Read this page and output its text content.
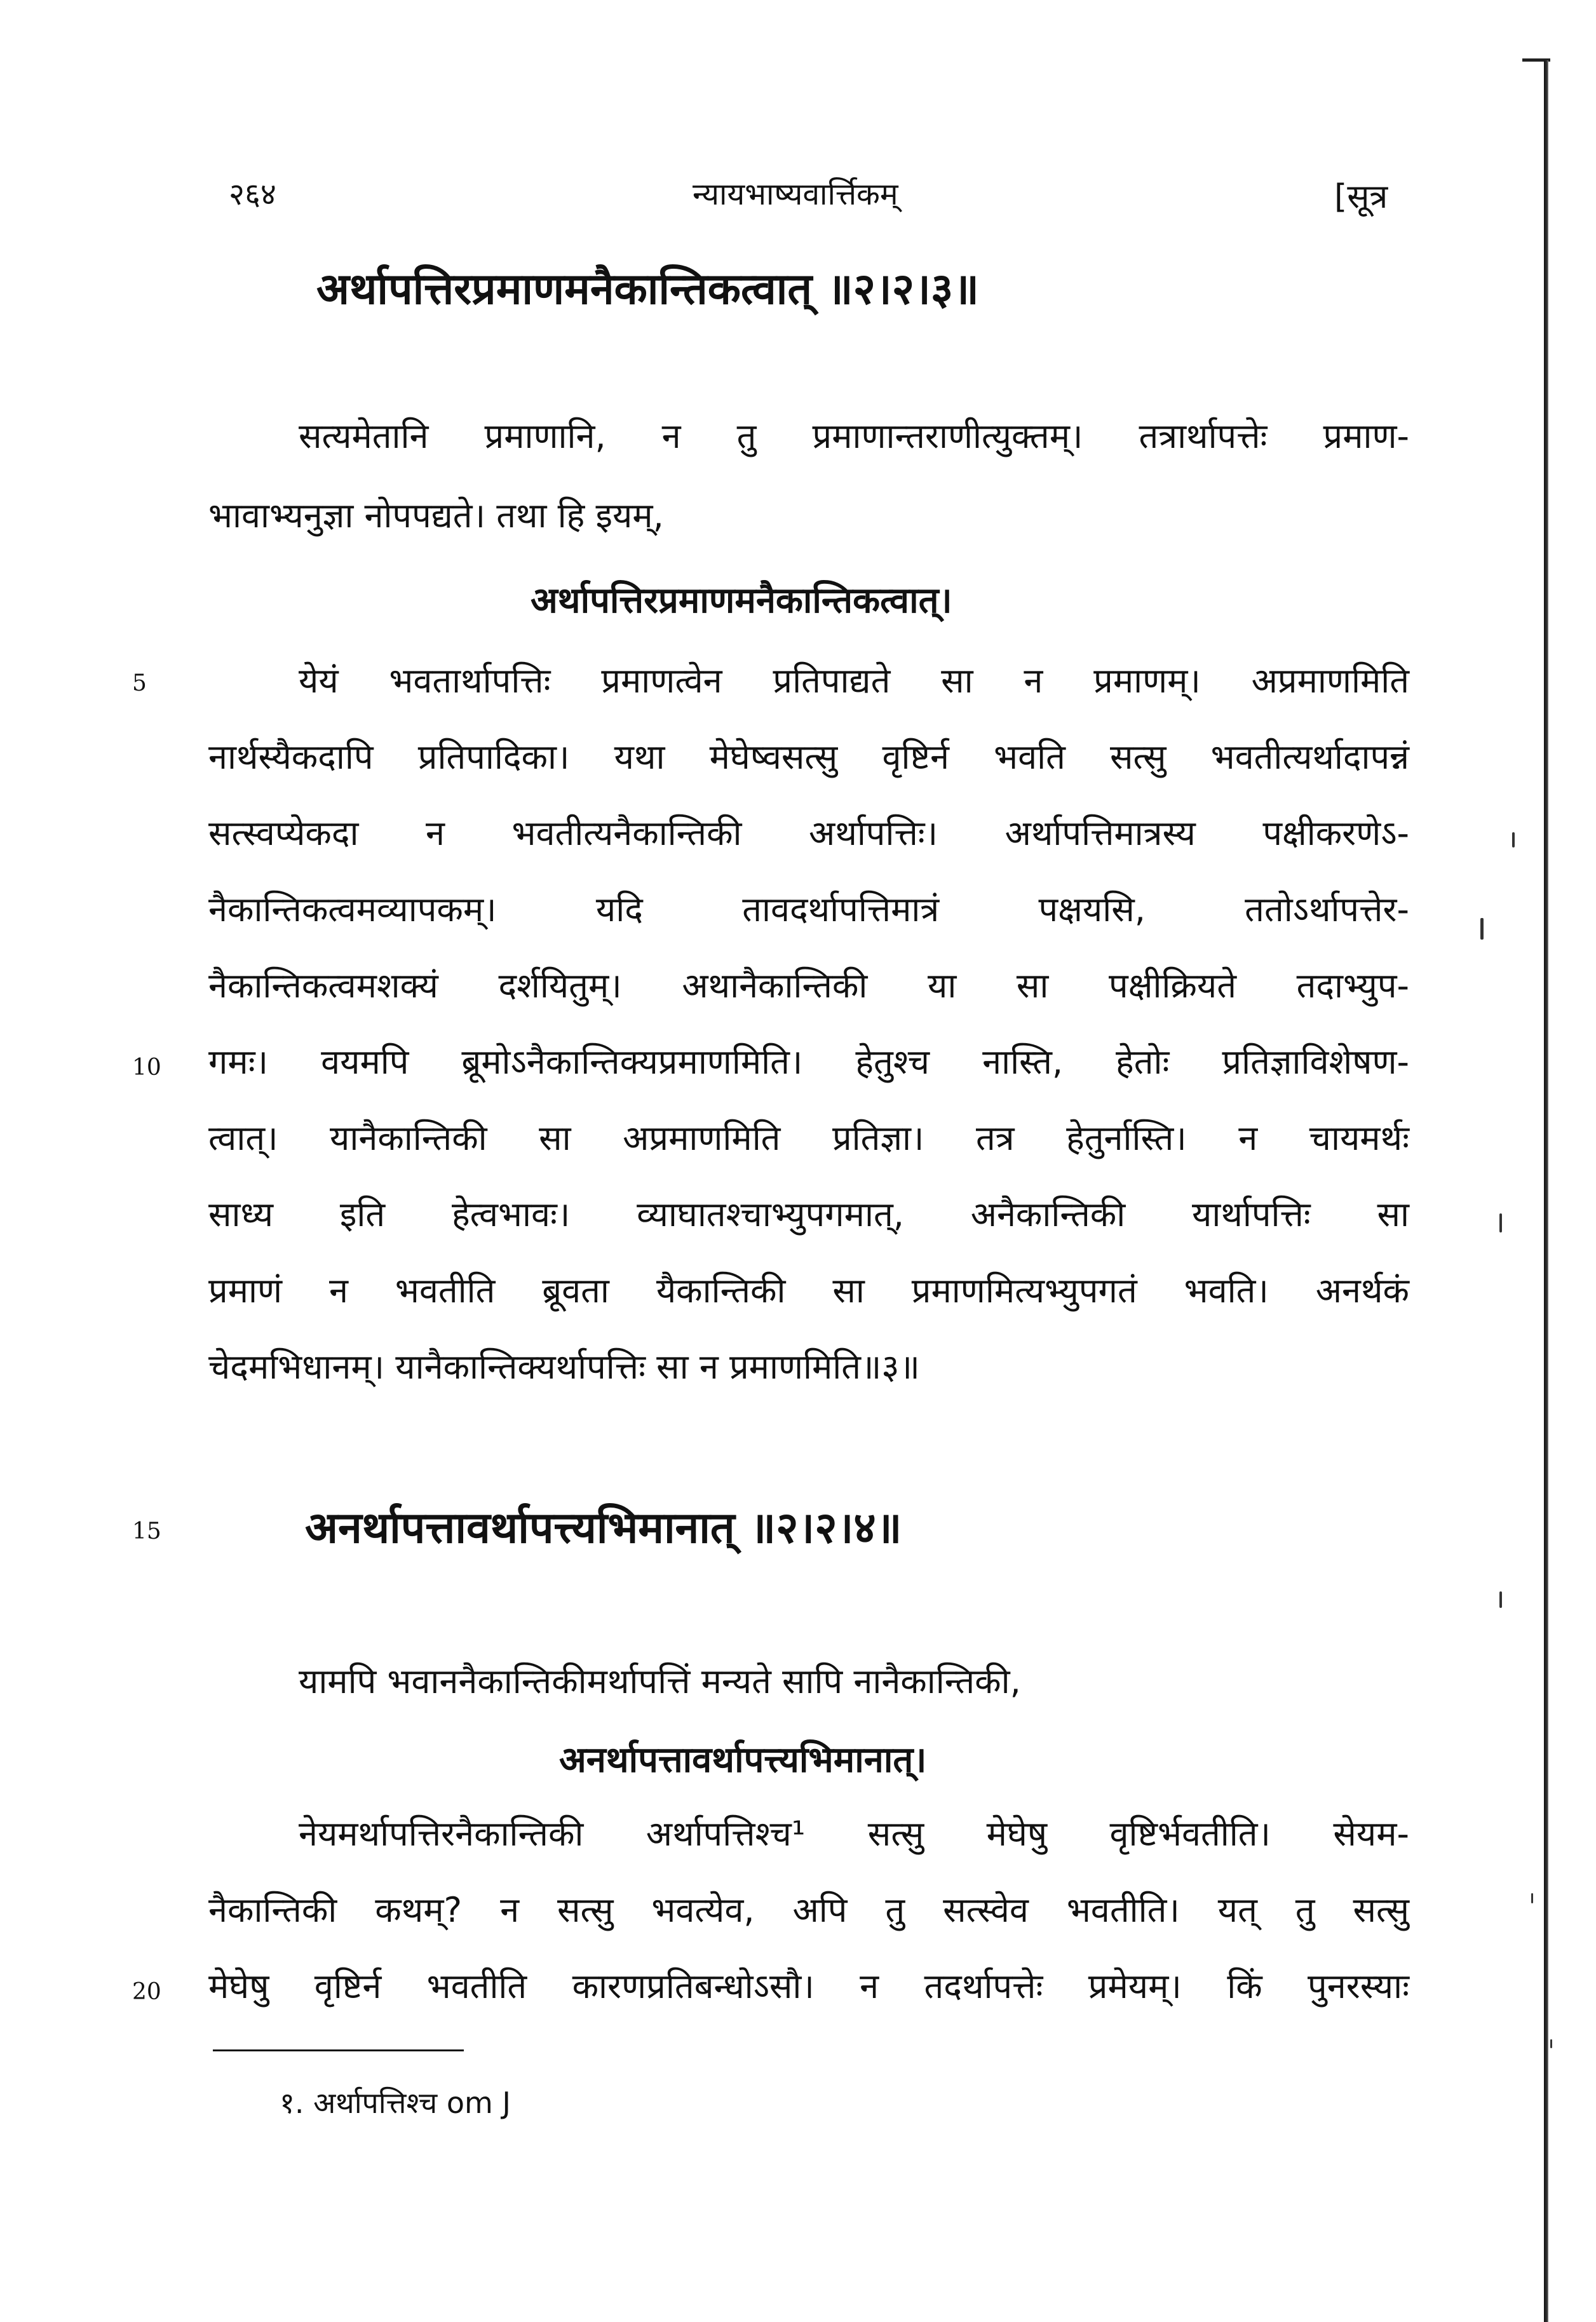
२६४	न्यायभाष्यवार्त्तिकम्	[सूत्र
अर्थापत्तिरप्रमाणमनैकान्तिकत्वात् ॥२।२।३॥
सत्यमेतानि प्रमाणानि, न तु प्रमाणान्तराणीत्युक्तम्। तत्रार्थापत्तेः प्रमाण-
भावाभ्यनुज्ञा नोपपद्यते। तथा हि इयम्,
अर्थापत्तिरप्रमाणमनैकान्तिकत्वात्।
5	येयं भवतार्थापत्तिः प्रमाणत्वेन प्रतिपाद्यते सा न प्रमाणम्। अप्रमाणमिति
नार्थस्यैकदापि प्रतिपादिका। यथा मेघेष्वसत्सु वृष्टिर्न भवति सत्सु भवतीत्यर्थादापन्नं
सत्स्वप्येकदा न भवतीत्यनैकान्तिकी अर्थापत्तिः। अर्थापत्तिमात्रस्य पक्षीकरणेऽ-
नैकान्तिकत्वमव्यापकम्। यदि तावदर्थापत्तिमात्रं पक्षयसि, ततोऽर्थापत्तेर-
नैकान्तिकत्वमशक्यं दर्शयितुम्। अथानैकान्तिकी या सा पक्षीक्रियते तदाभ्युप-
10 गमः। वयमपि ब्रूमोऽनैकान्तिक्यप्रमाणमिति। हेतुश्च नास्ति, हेतोः प्रतिज्ञाविशेषण-
त्वात्। यानैकान्तिकी सा अप्रमाणमिति प्रतिज्ञा। तत्र हेतुर्नास्ति। न चायमर्थः
साध्य इति हेत्वभावः। व्याघातश्चाभ्युपगमात्, अनैकान्तिकी यार्थापत्तिः सा
प्रमाणं न भवतीति ब्रूवता यैकान्तिकी सा प्रमाणमित्यभ्युपगतं भवति। अनर्थकं
चेदमभिधानम्। यानैकान्तिक्यर्थापत्तिः सा न प्रमाणमिति॥३॥
15	अनर्थापत्तावर्थापत्त्यभिमानात् ॥२।२।४॥
यामपि भवाननैकान्तिकीमर्थापत्तिं मन्यते सापि नानैकान्तिकी,
अनर्थापत्तावर्थापत्त्यभिमानात्।
नेयमर्थापत्तिरनैकान्तिकी अर्थापत्तिश्च¹ सत्सु मेघेषु वृष्टिर्भवतीति। सेयम-
नैकान्तिकी कथम्? न सत्सु भवत्येव, अपि तु सत्स्वेव भवतीति। यत् तु सत्सु
20 मेघेषु वृष्टिर्न भवतीति कारणप्रतिबन्धोऽसौ। न तदर्थापत्तेः प्रमेयम्। किं पुनरस्याः
१. अर्थापत्तिश्च om J
